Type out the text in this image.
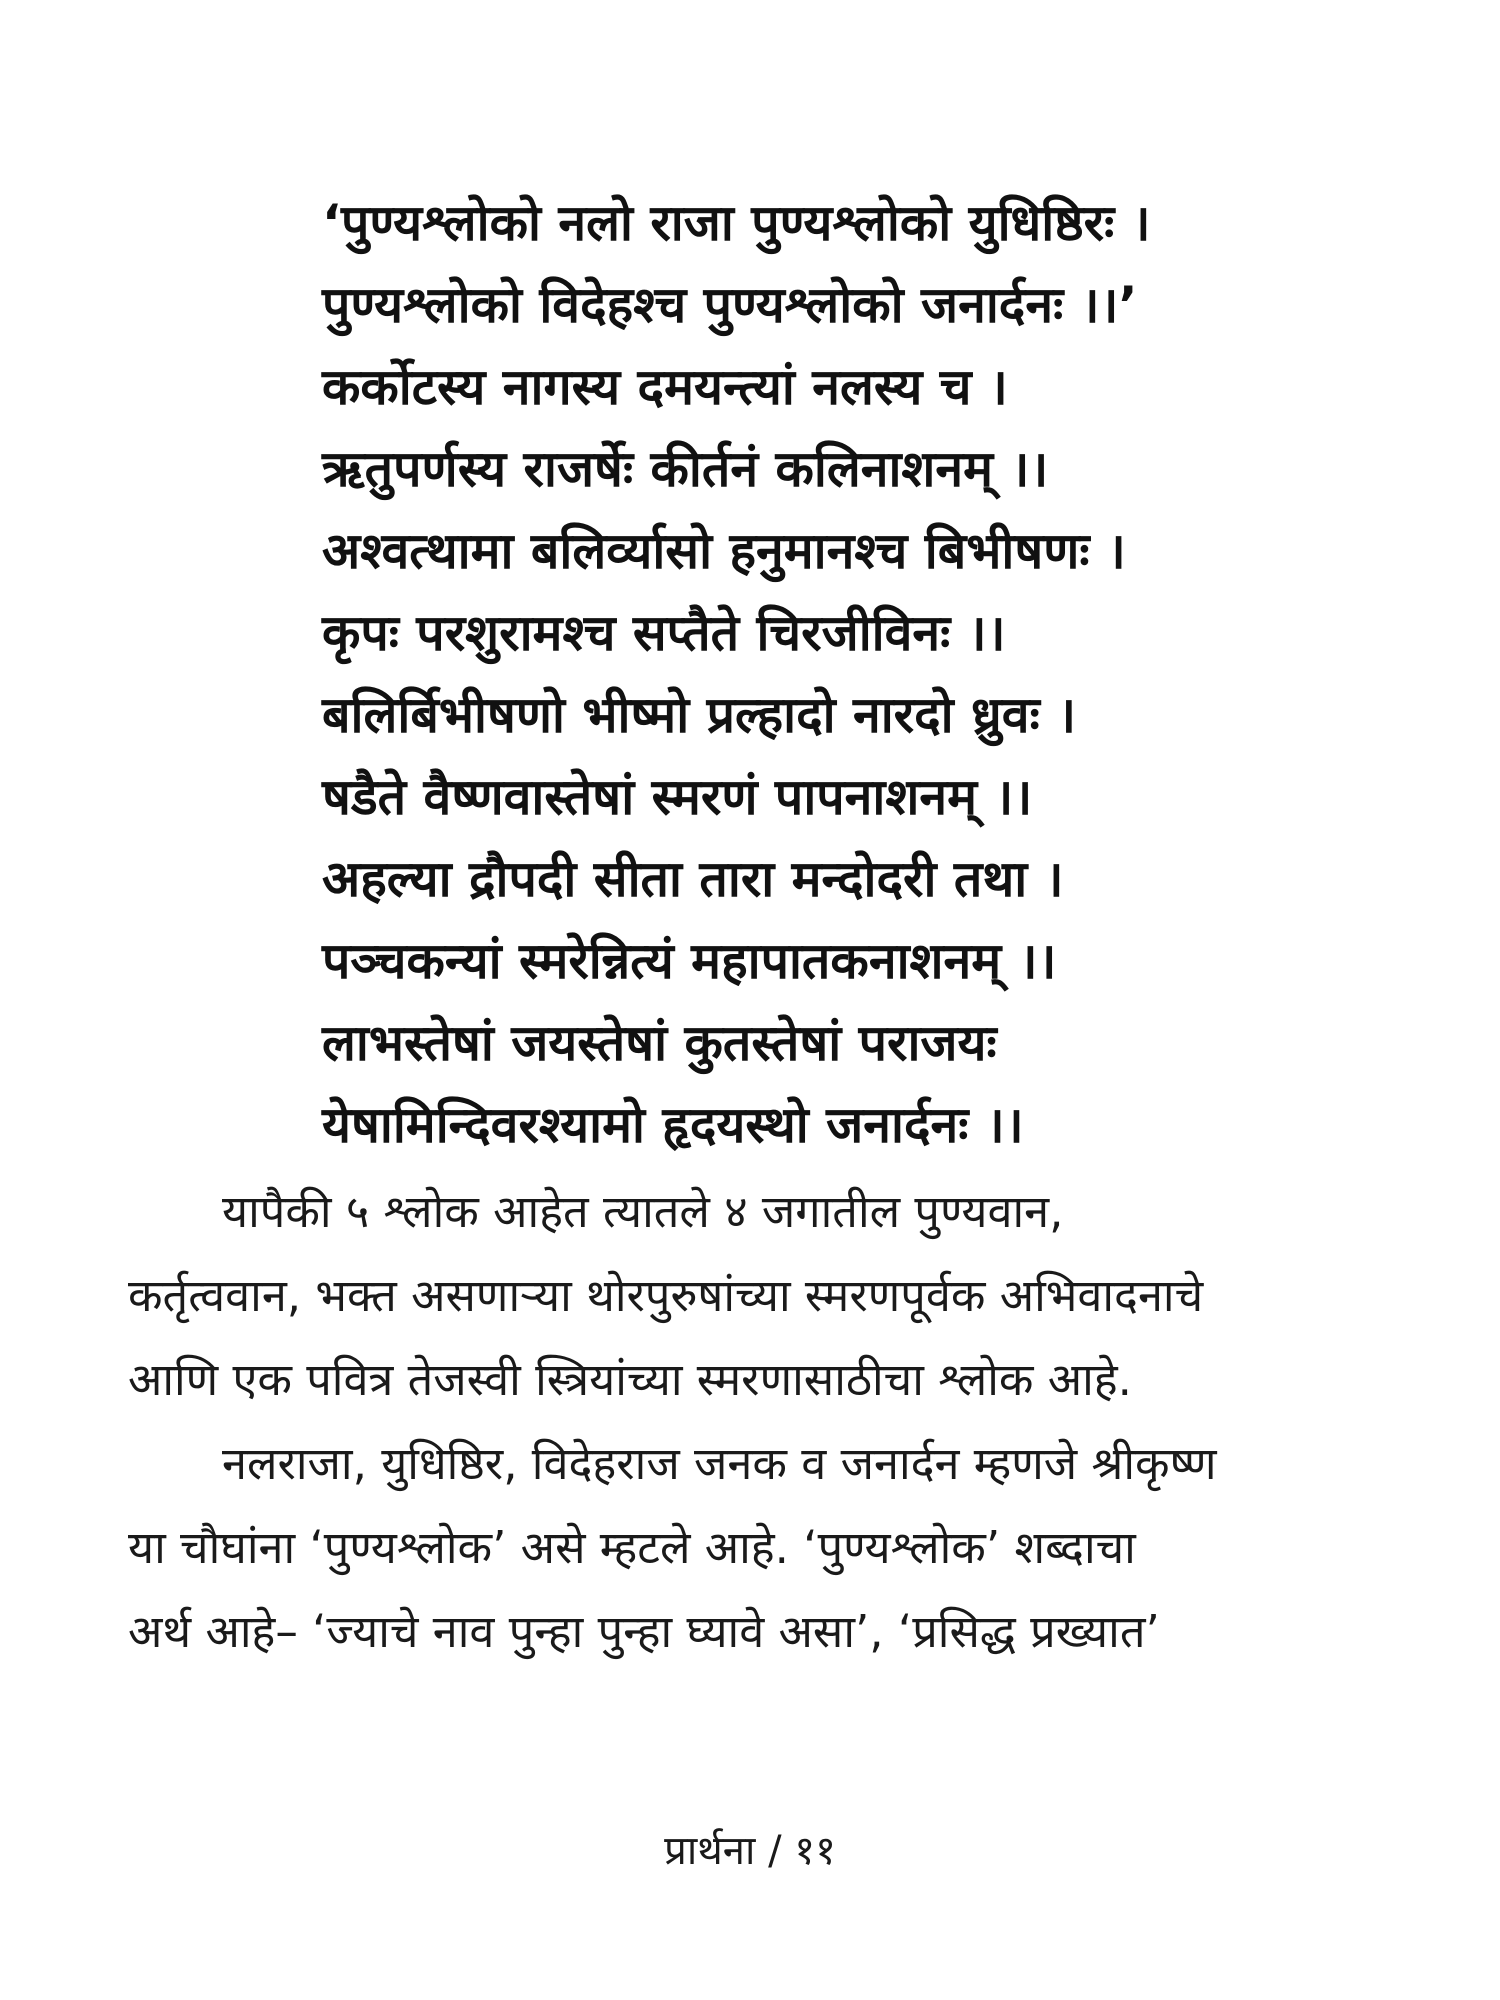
‘पुण्यश्लोको नलो राजा पुण्यश्लोको युधिष्ठिरः ।
पुण्यश्लोको विदेहश्च पुण्यश्लोको जनार्दनः ।।’
कर्कोटस्य नागस्य दमयन्त्यां नलस्य च ।
ऋतुपर्णस्य राजर्षेः कीर्तनं कलिनाशनम् ।।
अश्वत्थामा बलिर्व्यासो हनुमानश्च बिभीषणः ।
कृपः परशुरामश्च सप्तैते चिरजीविनः ।।
बलिर्बिभीषणो भीष्मो प्रल्हादो नारदो ध्रुवः ।
षडैते वैष्णवास्तेषां स्मरणं पापनाशनम् ।।
अहल्या द्रौपदी सीता तारा मन्दोदरी तथा ।
पञ्चकन्यां स्मरेन्नित्यं महापातकनाशनम् ।।
लाभस्तेषां जयस्तेषां कुतस्तेषां पराजयः
येषामिन्दिवरश्यामो हृदयस्थो जनार्दनः ।।
यापैकी ५ श्लोक आहेत त्यातले ४ जगातील पुण्यवान,
कर्तृत्ववान, भक्त असणाऱ्या थोरपुरुषांच्या स्मरणपूर्वक अभिवादनाचे
आणि एक पवित्र तेजस्वी स्त्रियांच्या स्मरणासाठीचा श्लोक आहे.
नलराजा, युधिष्ठिर, विदेहराज जनक व जनार्दन म्हणजे श्रीकृष्ण
या चौघांना ‘पुण्यश्लोक’ असे म्हटले आहे. ‘पुण्यश्लोक’ शब्दाचा
अर्थ आहे– ‘ज्याचे नाव पुन्हा पुन्हा घ्यावे असा’, ‘प्रसिद्ध प्रख्यात’
प्रार्थना / ११
